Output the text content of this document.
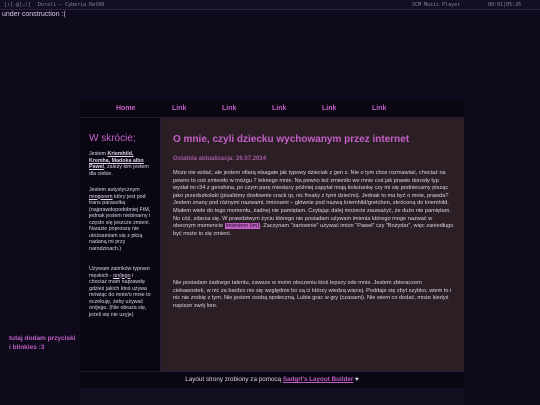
[↑]-@[♩♪] Dorali – Cyberia RetR0	SCM Music Player	00:01|05:26
under construction :(
Home	Link	Link	Link	Link	Link
W skrócie;
Jestem Kriemhild, Kremha, Madoka albo Pawel, zależy kim jestem dla ciebie.
Jestem autystycznym mingorem który jest pod trans parasolką (najprawdopodobniej FtM, jednak jestem niebinarny i często się jeszcze zmieni. Narazie poproszę nie utożsamiam się z płcią nadaną mi przy narodzinach.)
Używam zaimków typowo męskich - on/jego i chociaż mam naprawdę gdzieś jakich ktoś używa mówiąc do mnie/o mnie to oczekuję, żeby używać on/jego. (Nie obraża się, jeżeli się nie uzyje)
tutaj dodam przyciski i blinkies :3
O mnie, czyli dziecku wychowanym przez internet
Ostatnia aktualizacja: 26.07.2024
Może nie widać, ale jestem ofiarą elsagate jak typowy dzieciak z gen z. Nie o tym chce rozmawiać, chociaż na pewno to coś zmieniło w mózgu 7 letniego mnie. Na pewno też zmieniło we mnie coś jak prawie dorosły typ wysłał mi r34 z genshina, po czym parę miesięcy później zapytał moją koleżankę czy mi się podniecamy pisząc jako przedszkolaki (pisaliśmy dosłownie crack rp, nic freaky z tymi dziećmi). Jednak to ma być o mnie, prawda? Jestem znany pod różnymi nazwami, imionami – głównie pod nazwą kriemhild/gretchen, skróconą do kriemhild. Miałem wiele do tego momentu, żadnej nie pamiętam. Czytając dalej możecie zauważyć, że dużo nie pamiętam. No cóż, zdarza się. W prawdziwym życiu którego nie posiadam używam imienia którego moge nazwać w obecnym momencie imieniem (im). Zaczynam "żartownie" używać imion "Paweł" czy "Bożydar", więc zaniedługo być może to się zmieni.
Nie posiadam żadnego talentu, zawsze w moim otoczeniu ktoś lepszy ode mnie. Jestem zbieraczem ciekawostek, w nic za bardzo nie się względnie bo są ci którzy wiedzą więcej. Poddaje się zbyt szybko, wiem to i nic nie zrobię z tym. Nie jestem osobą społeczną. Lubie grac w gry (czasami). Nie wiem co dodać, może kiedyś napisze swój lore.
Layout strony zrobiony za pomocą Sadgrl's Layout Builder ♥
